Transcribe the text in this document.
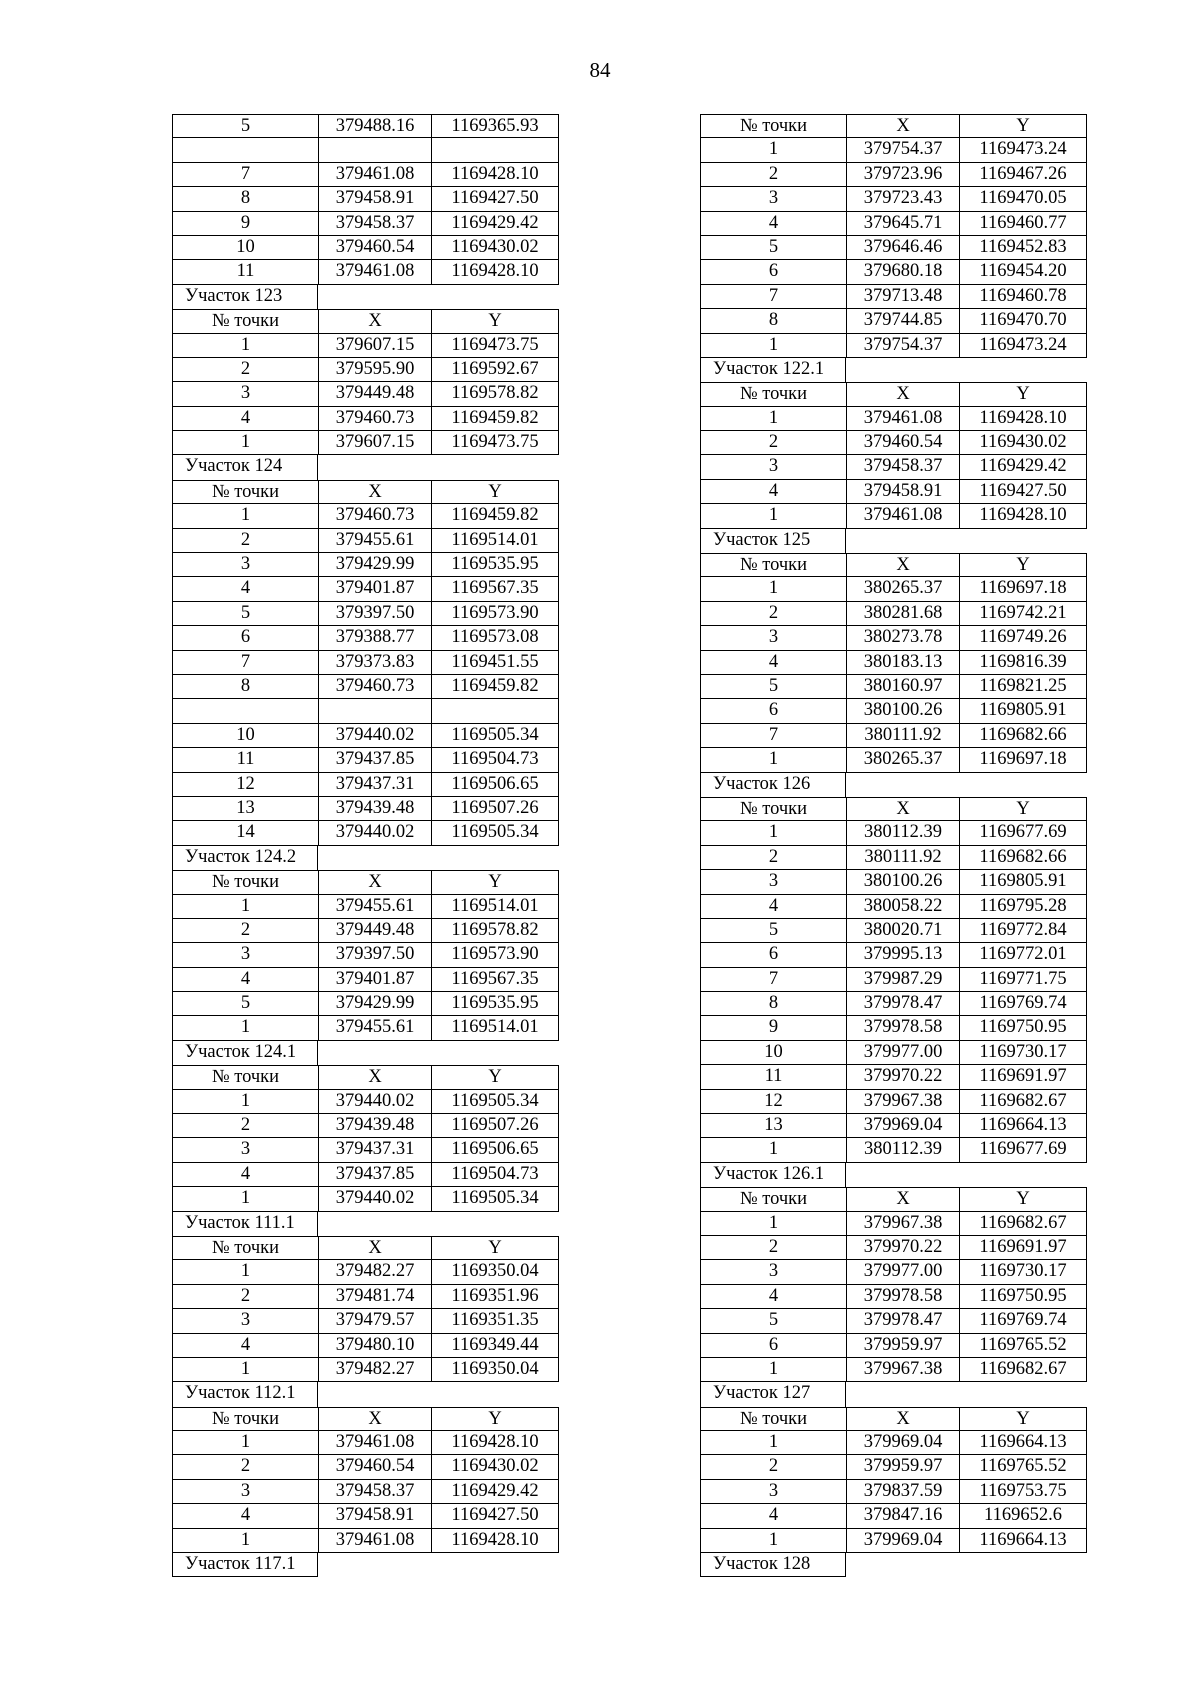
84
5	379488.16	1169365.93
7	379461.08	1169428.10
8	379458.91	1169427.50
9	379458.37	1169429.42
10	379460.54	1169430.02
11	379461.08	1169428.10
Участок 123
№ точки	X	Y
1	379607.15	1169473.75
2	379595.90	1169592.67
3	379449.48	1169578.82
4	379460.73	1169459.82
1	379607.15	1169473.75
Участок 124
№ точки	X	Y
1	379460.73	1169459.82
2	379455.61	1169514.01
3	379429.99	1169535.95
4	379401.87	1169567.35
5	379397.50	1169573.90
6	379388.77	1169573.08
7	379373.83	1169451.55
8	379460.73	1169459.82
10	379440.02	1169505.34
11	379437.85	1169504.73
12	379437.31	1169506.65
13	379439.48	1169507.26
14	379440.02	1169505.34
Участок 124.2
№ точки	X	Y
1	379455.61	1169514.01
2	379449.48	1169578.82
3	379397.50	1169573.90
4	379401.87	1169567.35
5	379429.99	1169535.95
1	379455.61	1169514.01
Участок 124.1
№ точки	X	Y
1	379440.02	1169505.34
2	379439.48	1169507.26
3	379437.31	1169506.65
4	379437.85	1169504.73
1	379440.02	1169505.34
Участок 111.1
№ точки	X	Y
1	379482.27	1169350.04
2	379481.74	1169351.96
3	379479.57	1169351.35
4	379480.10	1169349.44
1	379482.27	1169350.04
Участок 112.1
№ точки	X	Y
1	379461.08	1169428.10
2	379460.54	1169430.02
3	379458.37	1169429.42
4	379458.91	1169427.50
1	379461.08	1169428.10
Участок 117.1
№ точки	X	Y
1	379754.37	1169473.24
2	379723.96	1169467.26
3	379723.43	1169470.05
4	379645.71	1169460.77
5	379646.46	1169452.83
6	379680.18	1169454.20
7	379713.48	1169460.78
8	379744.85	1169470.70
1	379754.37	1169473.24
Участок 122.1
№ точки	X	Y
1	379461.08	1169428.10
2	379460.54	1169430.02
3	379458.37	1169429.42
4	379458.91	1169427.50
1	379461.08	1169428.10
Участок 125
№ точки	X	Y
1	380265.37	1169697.18
2	380281.68	1169742.21
3	380273.78	1169749.26
4	380183.13	1169816.39
5	380160.97	1169821.25
6	380100.26	1169805.91
7	380111.92	1169682.66
1	380265.37	1169697.18
Участок 126
№ точки	X	Y
1	380112.39	1169677.69
2	380111.92	1169682.66
3	380100.26	1169805.91
4	380058.22	1169795.28
5	380020.71	1169772.84
6	379995.13	1169772.01
7	379987.29	1169771.75
8	379978.47	1169769.74
9	379978.58	1169750.95
10	379977.00	1169730.17
11	379970.22	1169691.97
12	379967.38	1169682.67
13	379969.04	1169664.13
1	380112.39	1169677.69
Участок 126.1
№ точки	X	Y
1	379967.38	1169682.67
2	379970.22	1169691.97
3	379977.00	1169730.17
4	379978.58	1169750.95
5	379978.47	1169769.74
6	379959.97	1169765.52
1	379967.38	1169682.67
Участок 127
№ точки	X	Y
1	379969.04	1169664.13
2	379959.97	1169765.52
3	379837.59	1169753.75
4	379847.16	1169652.6
1	379969.04	1169664.13
Участок 128
